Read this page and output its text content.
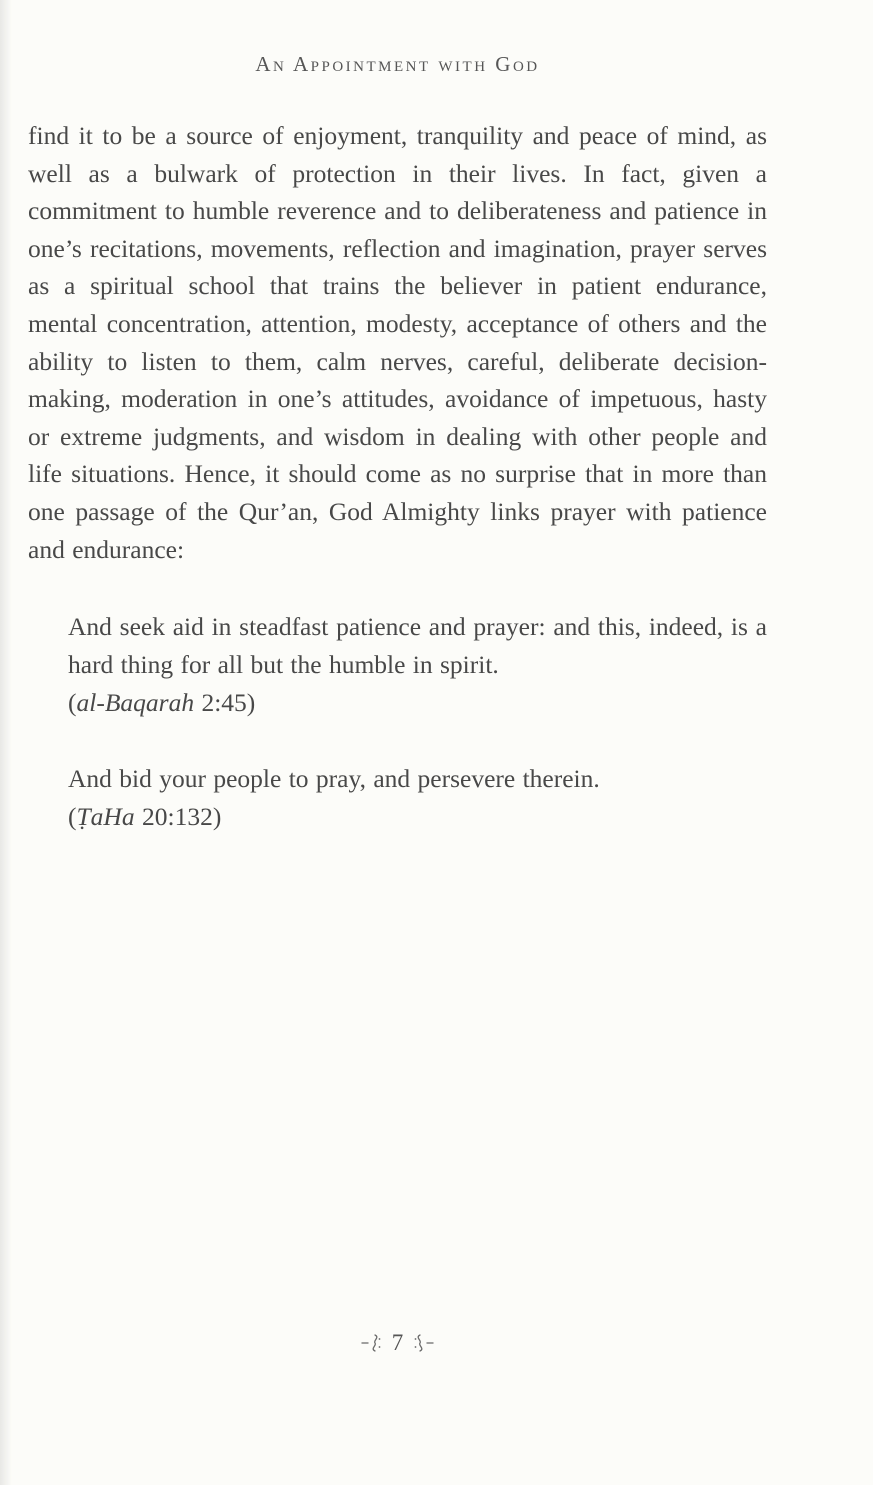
An Appointment with God

find it to be a source of enjoyment, tranquility and peace of mind, as well as a bulwark of protection in their lives. In fact, given a commitment to humble reverence and to deliberateness and patience in one’s recitations, movements, reflection and imagination, prayer serves as a spiritual school that trains the believer in patient endurance, mental concentration, attention, modesty, acceptance of others and the ability to listen to them, calm nerves, careful, deliberate decision-making, moderation in one’s attitudes, avoidance of impetuous, hasty or extreme judgments, and wisdom in dealing with other people and life situations. Hence, it should come as no surprise that in more than one passage of the Qur’an, God Almighty links prayer with patience and endurance:

And seek aid in steadfast patience and prayer: and this, indeed, is a hard thing for all but the humble in spirit.
(al-Baqarah 2:45)
And bid your people to pray, and persevere therein.
(ṬaHa 20:132)
7
